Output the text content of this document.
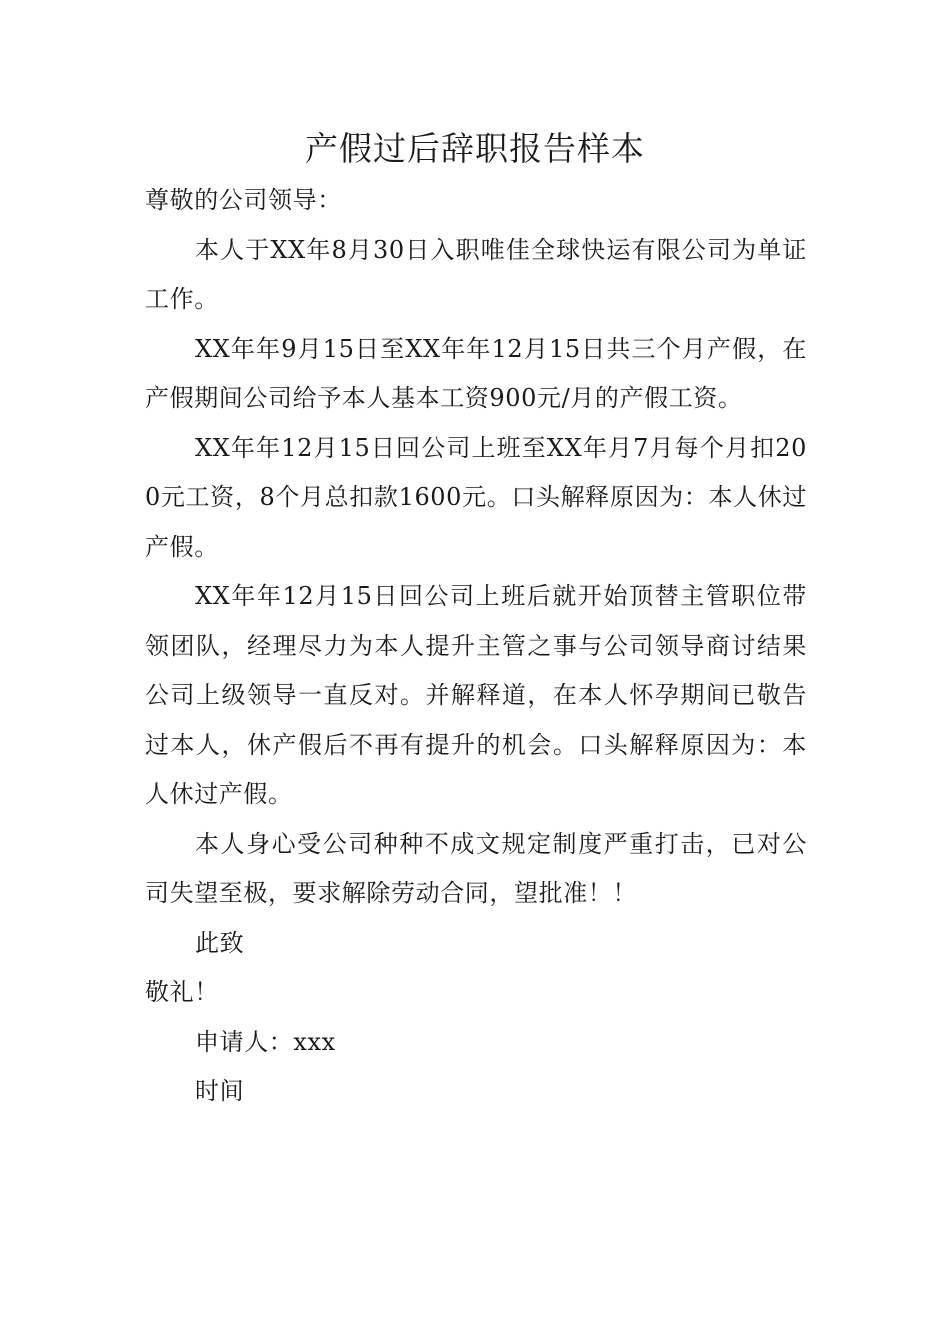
产假过后辞职报告样本

尊敬的公司领导：

本人于XX年8月30日入职唯佳全球快运有限公司为单证工作。

XX年年9月15日至XX年年12月15日共三个月产假，在产假期间公司给予本人基本工资900元/月的产假工资。

XX年年12月15日回公司上班至XX年月7月每个月扣200元工资，8个月总扣款1600元。口头解释原因为：本人休过产假。

XX年年12月15日回公司上班后就开始顶替主管职位带领团队，经理尽力为本人提升主管之事与公司领导商讨结果公司上级领导一直反对。并解释道，在本人怀孕期间已敬告过本人，休产假后不再有提升的机会。口头解释原因为：本人休过产假。

本人身心受公司种种不成文规定制度严重打击，已对公司失望至极，要求解除劳动合同，望批准！！

此致

敬礼！

申请人：xxx

时间
